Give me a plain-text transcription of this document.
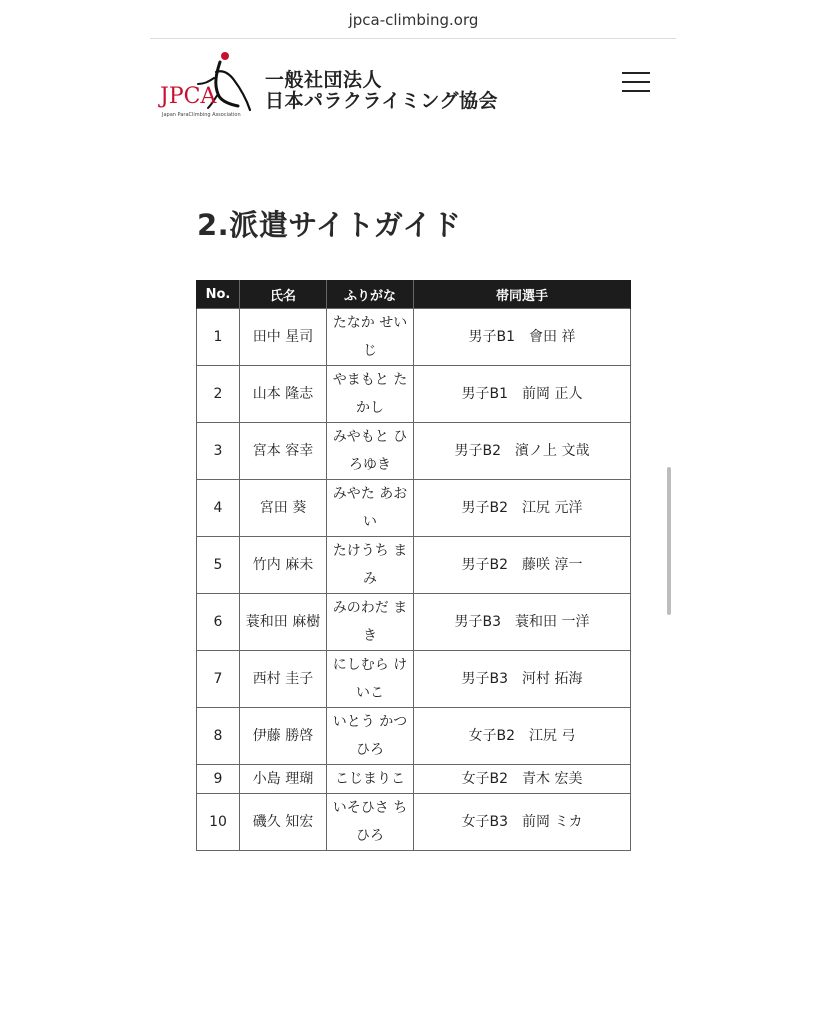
jpca-climbing.org
JPCA
Japan ParaClimbing Association
一般社団法人
日本パラクライミング協会
2.派遣サイトガイド
No.	氏名	ふりがな	帯同選手
1	田中 星司	たなか せいじ	男子B1　會田 祥
2	山本 隆志	やまもと たかし	男子B1　前岡 正人
3	宮本 容幸	みやもと ひろゆき	男子B2　濱ノ上 文哉
4	宮田 葵	みやた あおい	男子B2　江尻 元洋
5	竹内 麻未	たけうち まみ	男子B2　藤咲 淳一
6	蓑和田 麻樹	みのわだ まき	男子B3　蓑和田 一洋
7	西村 圭子	にしむら けいこ	男子B3　河村 拓海
8	伊藤 勝啓	いとう かつひろ	女子B2　江尻 弓
9	小島 理瑚	こじまりこ	女子B2　青木 宏美
10	磯久 知宏	いそひさ ちひろ	女子B3　前岡 ミカ
